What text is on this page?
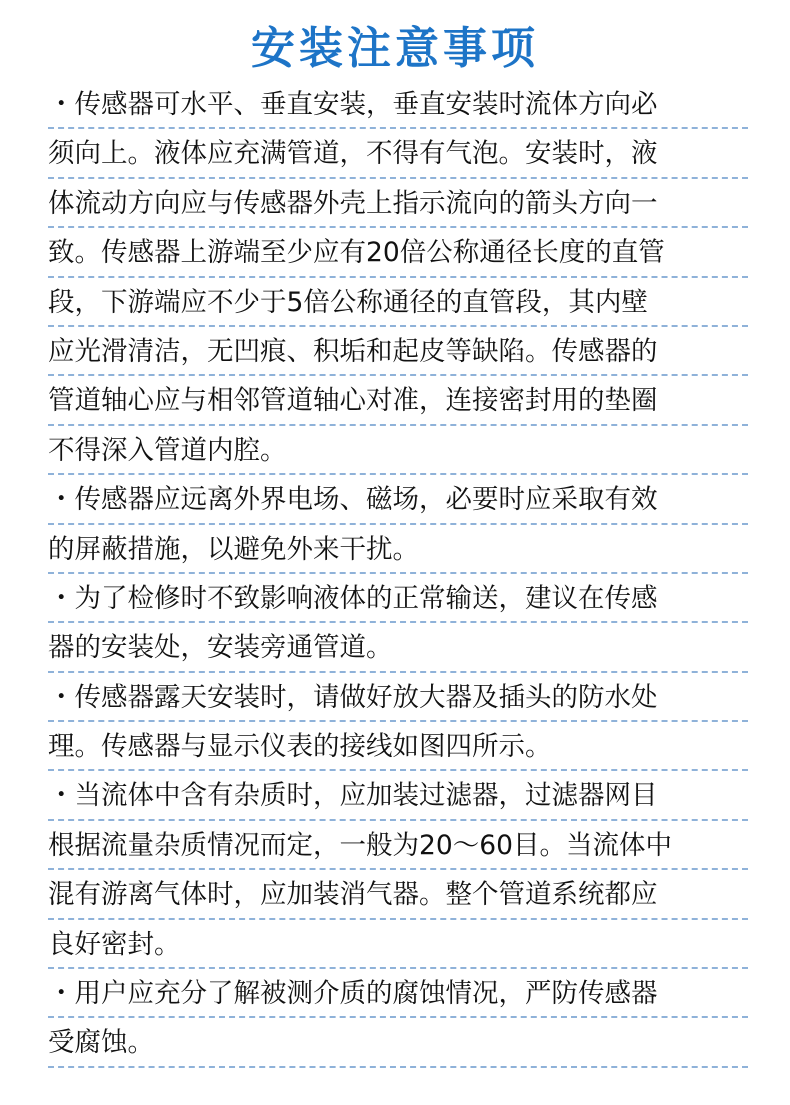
安装注意事项
・传感器可水平、垂直安装，垂直安装时流体方向必
须向上。液体应充满管道，不得有气泡。安装时，液
体流动方向应与传感器外壳上指示流向的箭头方向一
致。传感器上游端至少应有20倍公称通径长度的直管
段，下游端应不少于5倍公称通径的直管段，其内壁
应光滑清洁，无凹痕、积垢和起皮等缺陷。传感器的
管道轴心应与相邻管道轴心对准，连接密封用的垫圈
不得深入管道内腔。
・传感器应远离外界电场、磁场，必要时应采取有效
的屏蔽措施，以避免外来干扰。
・为了检修时不致影响液体的正常输送，建议在传感
器的安装处，安装旁通管道。
・传感器露天安装时，请做好放大器及插头的防水处
理。传感器与显示仪表的接线如图四所示。
・当流体中含有杂质时，应加装过滤器，过滤器网目
根据流量杂质情况而定，一般为20～60目。当流体中
混有游离气体时，应加装消气器。整个管道系统都应
良好密封。
・用户应充分了解被测介质的腐蚀情况，严防传感器
受腐蚀。
